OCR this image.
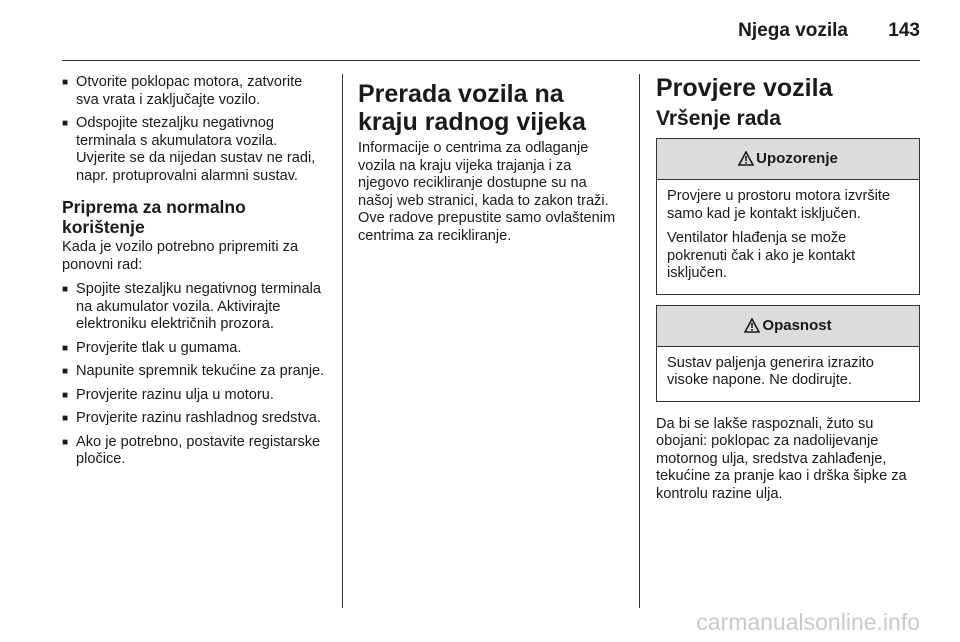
Njega vozila 143
■ Otvorite poklopac motora, zatvorite sva vrata i zaključajte vozilo.
■ Odspojite stezaljku negativnog terminala s akumulatora vozila. Uvjerite se da nijedan sustav ne radi, napr. protuprovalni alarmni sustav.
Priprema za normalno korištenje

Kada je vozilo potrebno pripremiti za ponovni rad:

■ Spojite stezaljku negativnog terminala na akumulator vozila. Aktivirajte elektroniku električnih prozora.
■ Provjerite tlak u gumama.
■ Napunite spremnik tekućine za pranje.
■ Provjerite razinu ulja u motoru.
■ Provjerite razinu rashladnog sredstva.
■ Ako je potrebno, postavite registarske pločice.
Prerada vozila na kraju radnog vijeka

Informacije o centrima za odlaganje vozila na kraju vijeka trajanja i za njegovo recikliranje dostupne su na našoj web stranici, kada to zakon traži. Ove radove prepustite samo ovlaštenim centrima za recikliranje.

Provjere vozila
Vršenje rada
Upozorenje

Provjere u prostoru motora izvršite samo kad je kontakt isključen.

Ventilator hlađenja se može pokrenuti čak i ako je kontakt isključen.

Opasnost

Sustav paljenja generira izrazito visoke napone. Ne dodirujte.

Da bi se lakše raspoznali, žuto su obojani: poklopac za nadolijevanje motornog ulja, sredstva zahlađenje, tekućine za pranje kao i drška šipke za kontrolu razine ulja.

carmanualsonline.info
